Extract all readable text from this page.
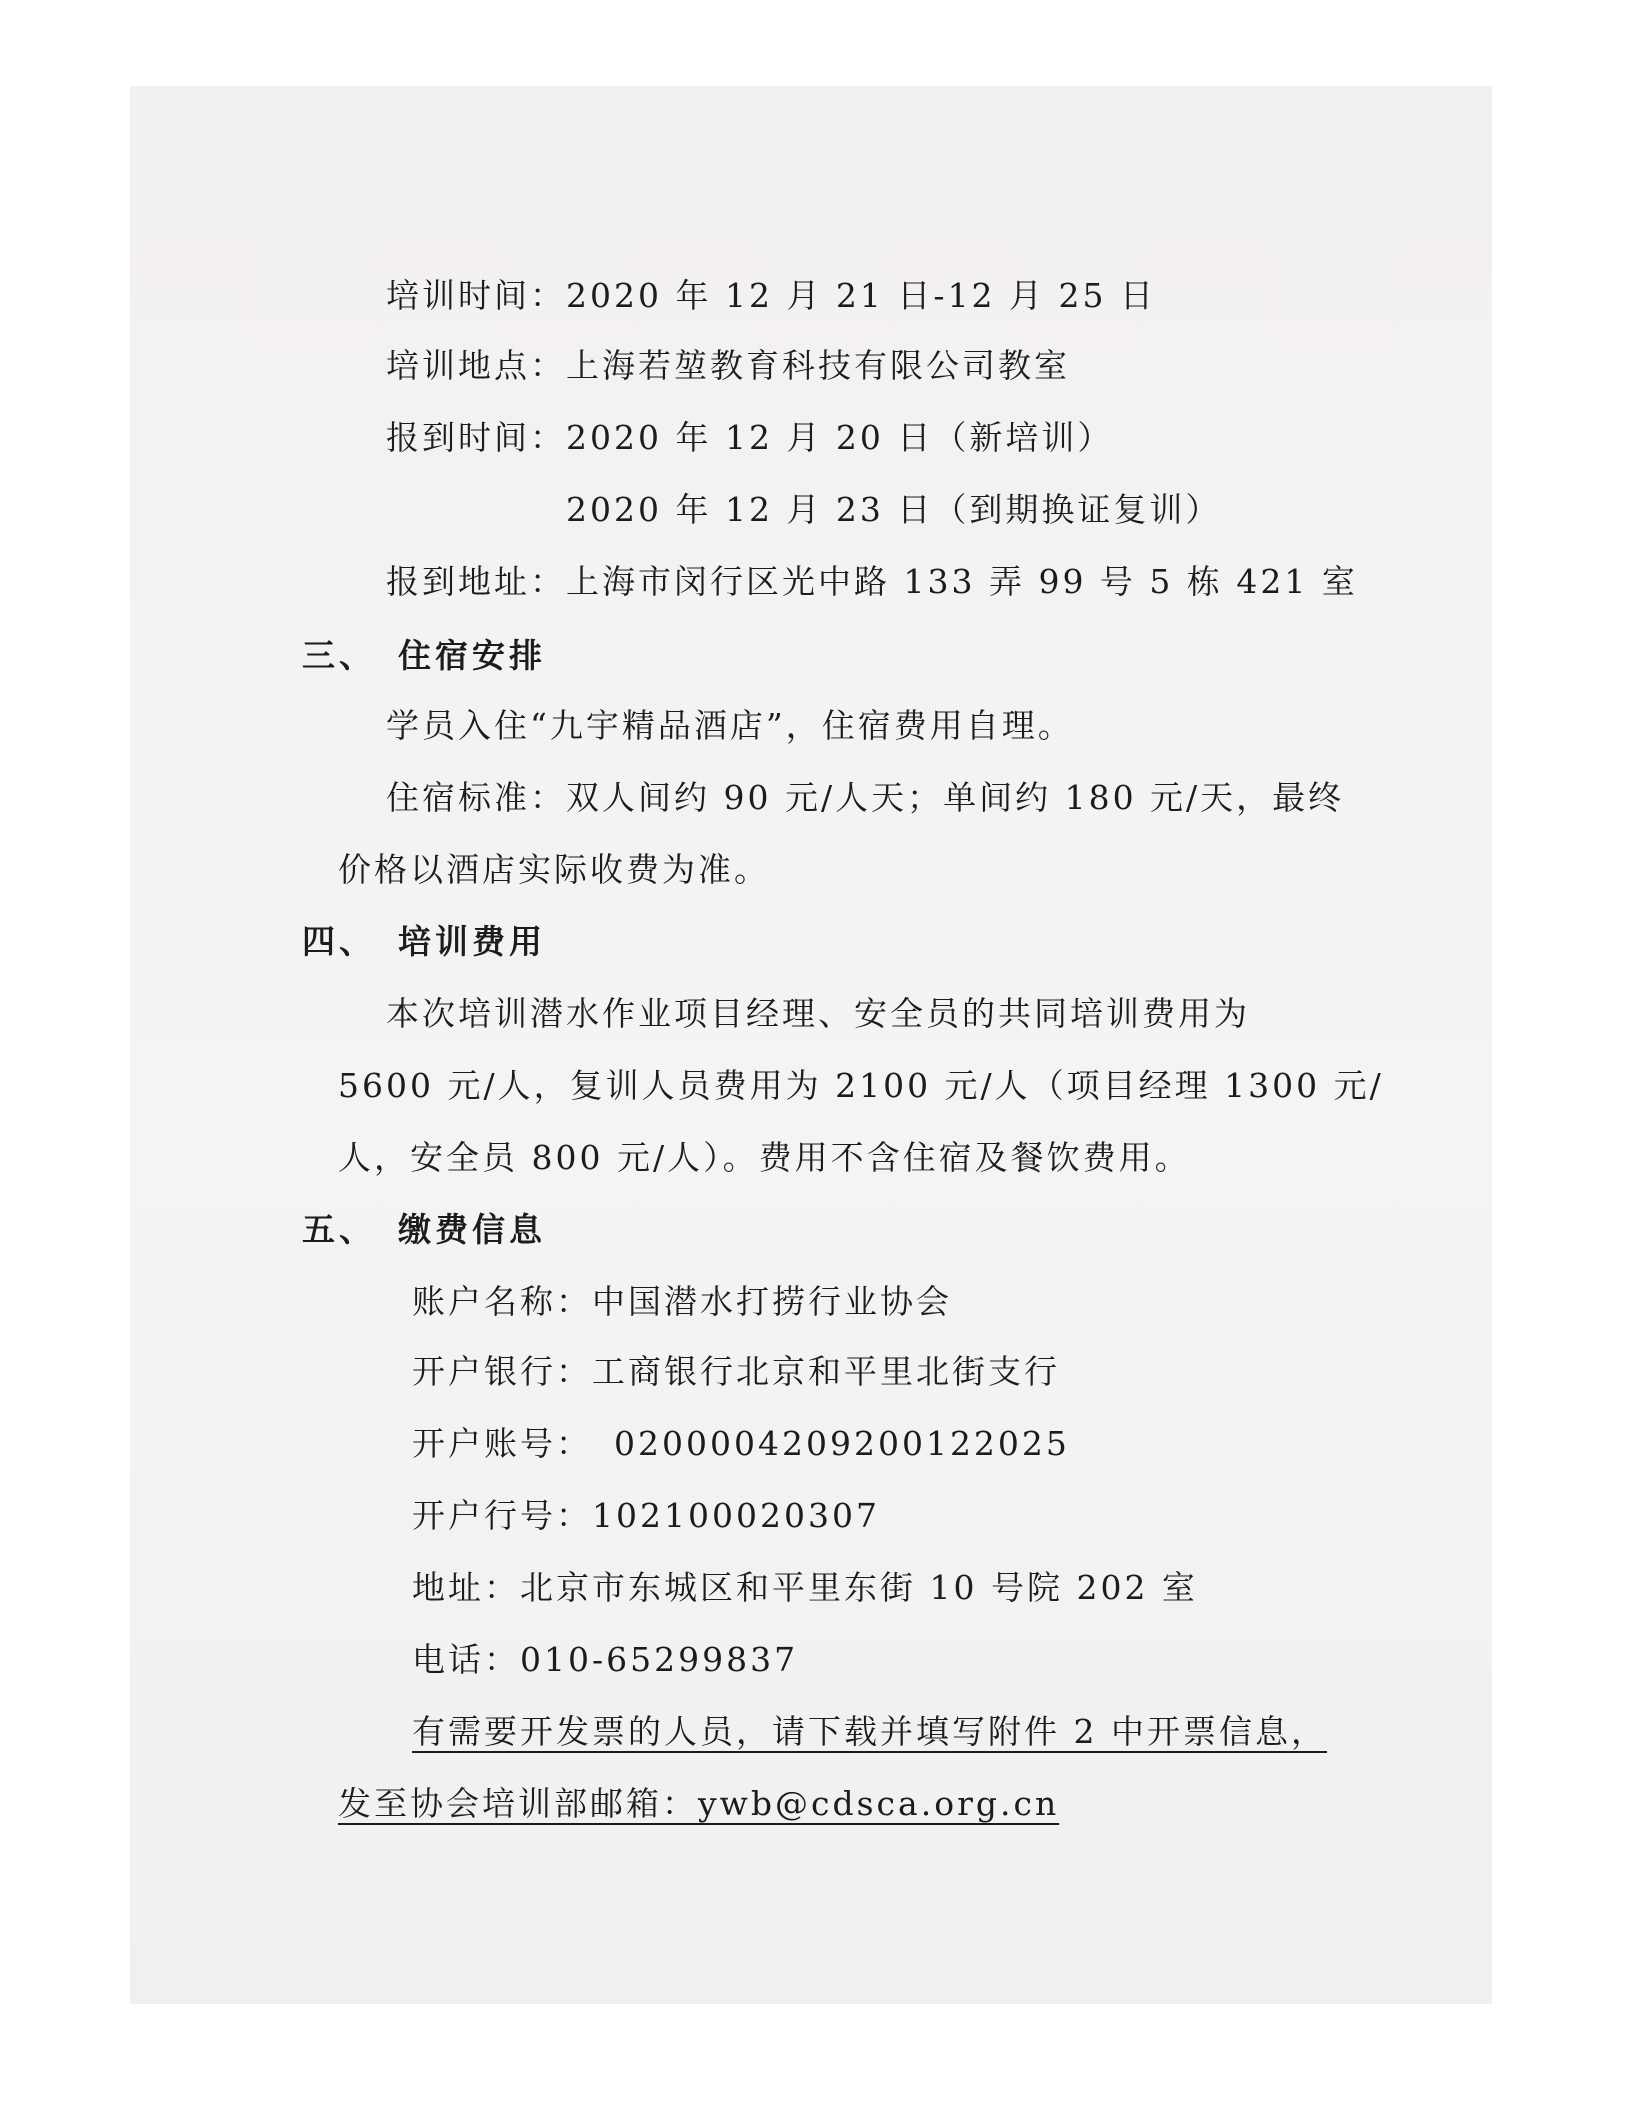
培训时间：2020 年 12 月 21 日-12 月 25 日

培训地点：上海若堃教育科技有限公司教室

报到时间：2020 年 12 月 20 日（新培训）

2020 年 12 月 23 日（到期换证复训）

报到地址：上海市闵行区光中路 133 弄 99 号 5 栋 421 室

三、 住宿安排

学员入住“九宇精品酒店”，住宿费用自理。

住宿标准：双人间约 90 元/人天；单间约 180 元/天，最终

价格以酒店实际收费为准。

四、 培训费用

本次培训潜水作业项目经理、安全员的共同培训费用为

5600 元/人，复训人员费用为 2100 元/人（项目经理 1300 元/

人，安全员 800 元/人）。费用不含住宿及餐饮费用。

五、 缴费信息

账户名称：中国潜水打捞行业协会

开户银行：工商银行北京和平里北街支行

开户账号： 0200004209200122025

开户行号：102100020307

地址：北京市东城区和平里东街 10 号院 202 室

电话：010-65299837

有需要开发票的人员，请下载并填写附件 2 中开票信息，

发至协会培训部邮箱：ywb@cdsca.org.cn
